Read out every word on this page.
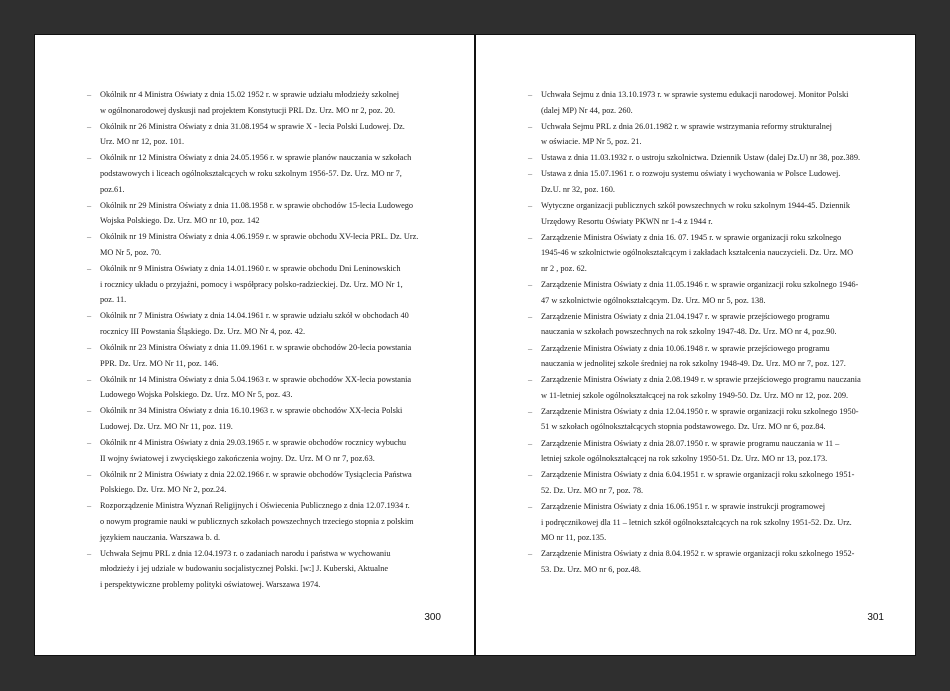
– Okólnik nr 4 Ministra Oświaty z dnia 15.02 1952 r. w sprawie udziału młodzieży szkolnej
w ogólnonarodowej dyskusji nad projektem Konstytucji PRL Dz. Urz. MO nr 2, poz. 20.
– Okólnik nr 26 Ministra Oświaty z dnia 31.08.1954 w sprawie X - lecia Polski Ludowej. Dz.
Urz. MO nr 12, poz. 101.
– Okólnik nr 12 Ministra Oświaty z dnia 24.05.1956 r. w sprawie planów nauczania w szkołach
podstawowych i liceach ogólnokształcących w roku szkolnym 1956-57. Dz. Urz. MO nr 7,
poz.61.
– Okólnik nr 29 Ministra Oświaty z dnia 11.08.1958 r. w sprawie obchodów 15-lecia Ludowego
Wojska Polskiego. Dz. Urz. MO nr 10, poz. 142
– Okólnik nr 19 Ministra Oświaty z dnia 4.06.1959 r. w sprawie obchodu XV-lecia PRL. Dz. Urz.
MO Nr 5, poz. 70.
– Okólnik nr 9 Ministra Oświaty z dnia 14.01.1960 r. w sprawie obchodu Dni Leninowskich
i rocznicy układu o przyjaźni, pomocy i współpracy polsko-radzieckiej. Dz. Urz. MO Nr 1,
poz. 11.
– Okólnik nr 7 Ministra Oświaty z dnia 14.04.1961 r. w sprawie udziału szkół w obchodach 40
rocznicy III Powstania Śląskiego. Dz. Urz. MO Nr 4, poz. 42.
– Okólnik nr 23 Ministra Oświaty z dnia 11.09.1961 r. w sprawie obchodów 20-lecia powstania
PPR. Dz. Urz. MO Nr 11, poz. 146.
– Okólnik nr 14 Ministra Oświaty z dnia 5.04.1963 r. w sprawie obchodów XX-lecia powstania
Ludowego Wojska Polskiego. Dz. Urz. MO Nr 5, poz. 43.
– Okólnik nr 34 Ministra Oświaty z dnia 16.10.1963 r. w sprawie obchodów XX-lecia Polski
Ludowej. Dz. Urz. MO Nr 11, poz. 119.
– Okólnik nr 4 Ministra Oświaty z dnia 29.03.1965 r. w sprawie obchodów rocznicy wybuchu
II wojny światowej i zwycięskiego zakończenia wojny. Dz. Urz. M O nr 7, poz.63.
– Okólnik nr 2 Ministra Oświaty z dnia 22.02.1966 r. w sprawie obchodów Tysiąclecia Państwa
Polskiego. Dz. Urz. MO Nr 2, poz.24.
– Rozporządzenie Ministra Wyznań Religijnych i Oświecenia Publicznego z dnia 12.07.1934 r.
o nowym programie nauki w publicznych szkołach powszechnych trzeciego stopnia z polskim
językiem nauczania. Warszawa b. d.
– Uchwała Sejmu PRL z dnia 12.04.1973 r. o zadaniach narodu i państwa w wychowaniu
młodzieży i jej udziale w budowaniu socjalistycznej Polski. [w:] J. Kuberski, Aktualne
i perspektywiczne problemy polityki oświatowej. Warszawa 1974.
300
– Uchwała Sejmu z dnia 13.10.1973 r. w sprawie systemu edukacji narodowej. Monitor Polski
(dalej MP) Nr 44, poz. 260.
– Uchwała Sejmu PRL z dnia 26.01.1982 r. w sprawie wstrzymania reformy strukturalnej
w oświacie. MP Nr 5, poz. 21.
– Ustawa z dnia 11.03.1932 r. o ustroju szkolnictwa. Dziennik Ustaw (dalej Dz.U) nr 38, poz.389.
– Ustawa z dnia 15.07.1961 r. o rozwoju systemu oświaty i wychowania w Polsce Ludowej.
Dz.U. nr 32, poz. 160.
– Wytyczne organizacji publicznych szkół powszechnych w roku szkolnym 1944-45. Dziennik
Urzędowy Resortu Oświaty PKWN nr 1-4 z 1944 r.
– Zarządzenie Ministra Oświaty z dnia 16. 07. 1945 r. w sprawie organizacji roku szkolnego
1945-46 w szkolnictwie ogólnokształcącym i zakładach kształcenia nauczycieli. Dz. Urz. MO
nr 2 , poz. 62.
– Zarządzenie Ministra Oświaty z dnia 11.05.1946 r. w sprawie organizacji roku szkolnego 1946-
47 w szkolnictwie ogólnokształcącym. Dz. Urz. MO nr 5, poz. 138.
– Zarządzenie Ministra Oświaty z dnia 21.04.1947 r. w sprawie przejściowego programu
nauczania w szkołach powszechnych na rok szkolny 1947-48. Dz. Urz. MO nr 4, poz.90.
– Zarządzenie Ministra Oświaty z dnia 10.06.1948 r. w sprawie przejściowego programu
nauczania w jednolitej szkole średniej na rok szkolny 1948-49. Dz. Urz. MO nr 7, poz. 127.
– Zarządzenie Ministra Oświaty z dnia 2.08.1949 r. w sprawie przejściowego programu nauczania
w 11-letniej szkole ogólnokształcącej na rok szkolny 1949-50. Dz. Urz. MO nr 12, poz. 209.
– Zarządzenie Ministra Oświaty z dnia 12.04.1950 r. w sprawie organizacji roku szkolnego 1950-
51 w szkołach ogólnokształcących stopnia podstawowego. Dz. Urz. MO nr 6, poz.84.
– Zarządzenie Ministra Oświaty z dnia 28.07.1950 r. w sprawie programu nauczania w 11 –
letniej szkole ogólnokształcącej na rok szkolny 1950-51. Dz. Urz. MO nr 13, poz.173.
– Zarządzenie Ministra Oświaty z dnia 6.04.1951 r. w sprawie organizacji roku szkolnego 1951-
52. Dz. Urz. MO nr 7, poz. 78.
– Zarządzenie Ministra Oświaty z dnia 16.06.1951 r. w sprawie instrukcji programowej
i podręcznikowej dla 11 – letnich szkół ogólnokształcących na rok szkolny 1951-52. Dz. Urz.
MO nr 11, poz.135.
– Zarządzenie Ministra Oświaty z dnia 8.04.1952 r. w sprawie organizacji roku szkolnego 1952-
53. Dz. Urz. MO nr 6, poz.48.
301
